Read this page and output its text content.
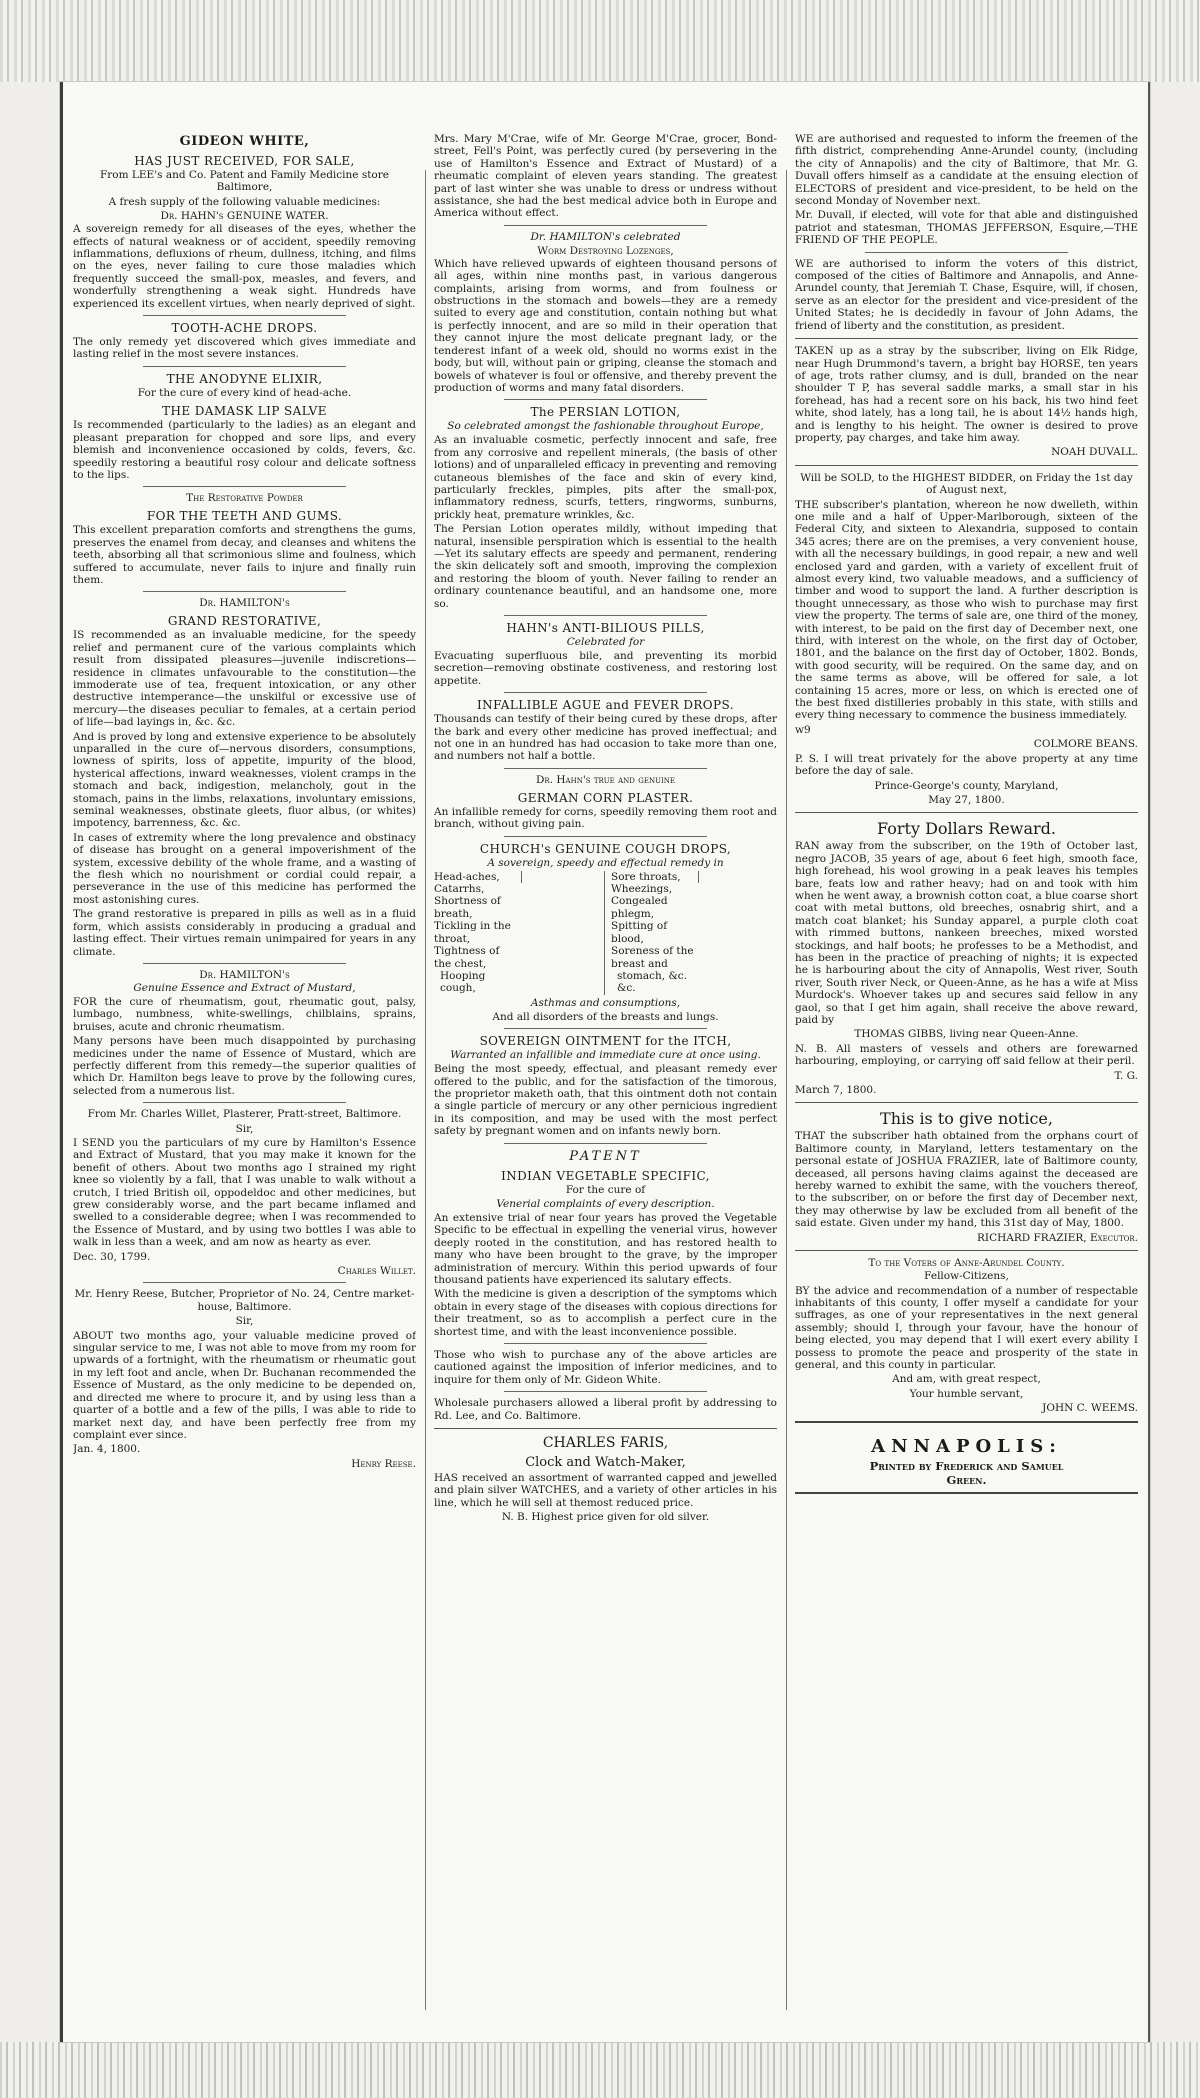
GIDEON WHITE,
HAS JUST RECEIVED, FOR SALE,

From LEE's and Co. Patent and Family Medicine store Baltimore,

A fresh supply of the following valuable medicines:

Dr. HAHN's GENUINE WATER.

A sovereign remedy for all diseases of the eyes, whether the effects of natural weakness or of accident, speedily removing inflammations, defluxions of rheum, dullness, itching, and films on the eyes, never failing to cure those maladies which frequently succeed the small-pox, measles, and fevers, and wonderfully strengthening a weak sight. Hundreds have experienced its excellent virtues, when nearly deprived of sight.

TOOTH-ACHE DROPS.

The only remedy yet discovered which gives immediate and lasting relief in the most severe instances.

THE ANODYNE ELIXIR,

For the cure of every kind of head-ache.

THE DAMASK LIP SALVE

Is recommended (particularly to the ladies) as an elegant and pleasant preparation for chopped and sore lips, and every blemish and inconvenience occasioned by colds, fevers, &c. speedily restoring a beautiful rosy colour and delicate softness to the lips.

The Restorative Powder
FOR THE TEETH AND GUMS.

This excellent preparation comforts and strengthens the gums, preserves the enamel from decay, and cleanses and whitens the teeth, absorbing all that scrimonious slime and foulness, which suffered to accumulate, never fails to injure and finally ruin them.

Dr. HAMILTON's
GRAND RESTORATIVE,

IS recommended as an invaluable medicine, for the speedy relief and permanent cure of the various complaints which result from dissipated pleasures—juvenile indiscretions—residence in climates unfavourable to the constitution—the immoderate use of tea, frequent intoxication, or any other destructive intemperance—the unskilful or excessive use of mercury—the diseases peculiar to females, at a certain period of life—bad layings in, &c. &c.

And is proved by long and extensive experience to be absolutely unparalled in the cure of—nervous disorders, consumptions, lowness of spirits, loss of appetite, impurity of the blood, hysterical affections, inward weaknesses, violent cramps in the stomach and back, indigestion, melancholy, gout in the stomach, pains in the limbs, relaxations, involuntary emissions, seminal weaknesses, obstinate gleets, fluor albus, (or whites) impotency, barrenness, &c. &c.

In cases of extremity where the long prevalence and obstinacy of disease has brought on a general impoverishment of the system, excessive debility of the whole frame, and a wasting of the flesh which no nourishment or cordial could repair, a perseverance in the use of this medicine has performed the most astonishing cures.

The grand restorative is prepared in pills as well as in a fluid form, which assists considerably in producing a gradual and lasting effect. Their virtues remain unimpaired for years in any climate.

Dr. HAMILTON's
Genuine Essence and Extract of Mustard,

FOR the cure of rheumatism, gout, rheumatic gout, palsy, lumbago, numbness, white-swellings, chilblains, sprains, bruises, acute and chronic rheumatism.

Many persons have been much disappointed by purchasing medicines under the name of Essence of Mustard, which are perfectly different from this remedy—the superior qualities of which Dr. Hamilton begs leave to prove by the following cures, selected from a numerous list.

From Mr. Charles Willet, Plasterer, Pratt-street, Baltimore.

Sir,

I SEND you the particulars of my cure by Hamilton's Essence and Extract of Mustard, that you may make it known for the benefit of others. About two months ago I strained my right knee so violently by a fall, that I was unable to walk without a crutch, I tried British oil, oppodeldoc and other medicines, but grew considerably worse, and the part became inflamed and swelled to a considerable degree; when I was recommended to the Essence of Mustard, and by using two bottles I was able to walk in less than a week, and am now as hearty as ever.

Dec. 30, 1799.

Charles Willet.

Mr. Henry Reese, Butcher, Proprietor of No. 24, Centre market-house, Baltimore.

Sir,

ABOUT two months ago, your valuable medicine proved of singular service to me, I was not able to move from my room for upwards of a fortnight, with the rheumatism or rheumatic gout in my left foot and ancle, when Dr. Buchanan recommended the Essence of Mustard, as the only medicine to be depended on, and directed me where to procure it, and by using less than a quarter of a bottle and a few of the pills, I was able to ride to market next day, and have been perfectly free from my complaint ever since.

Jan. 4, 1800.

Henry Reese.

Mrs. Mary M'Crae, wife of Mr. George M'Crae, grocer, Bond-street, Fell's Point, was perfectly cured (by persevering in the use of Hamilton's Essence and Extract of Mustard) of a rheumatic complaint of eleven years standing. The greatest part of last winter she was unable to dress or undress without assistance, she had the best medical advice both in Europe and America without effect.

Dr. HAMILTON's celebrated
Worm Destroying Lozenges,

Which have relieved upwards of eighteen thousand persons of all ages, within nine months past, in various dangerous complaints, arising from worms, and from foulness or obstructions in the stomach and bowels—they are a remedy suited to every age and constitution, contain nothing but what is perfectly innocent, and are so mild in their operation that they cannot injure the most delicate pregnant lady, or the tenderest infant of a week old, should no worms exist in the body, but will, without pain or griping, cleanse the stomach and bowels of whatever is foul or offensive, and thereby prevent the production of worms and many fatal disorders.

The PERSIAN LOTION,
So celebrated amongst the fashionable throughout Europe,

As an invaluable cosmetic, perfectly innocent and safe, free from any corrosive and repellent minerals, (the basis of other lotions) and of unparalleled efficacy in preventing and removing cutaneous blemishes of the face and skin of every kind, particularly freckles, pimples, pits after the small-pox, inflammatory redness, scurfs, tetters, ringworms, sunburns, prickly heat, premature wrinkles, &c.

The Persian Lotion operates mildly, without impeding that natural, insensible perspiration which is essential to the health—Yet its salutary effects are speedy and permanent, rendering the skin delicately soft and smooth, improving the complexion and restoring the bloom of youth. Never failing to render an ordinary countenance beautiful, and an handsome one, more so.

HAHN's ANTI-BILIOUS PILLS,
Celebrated for

Evacuating superfluous bile, and preventing its morbid secretion—removing obstinate costiveness, and restoring lost appetite.

INFALLIBLE AGUE and FEVER DROPS.

Thousands can testify of their being cured by these drops, after the bark and every other medicine has proved ineffectual; and not one in an hundred has had occasion to take more than one, and numbers not half a bottle.

Dr. Hahn's true and genuine
GERMAN CORN PLASTER.

An infallible remedy for corns, speedily removing them root and branch, without giving pain.

CHURCH's GENUINE COUGH DROPS,
A sovereign, speedy and effectual remedy in
Head-aches,
Catarrhs,
Shortness of breath,
Tickling in the throat,
Tightness of the chest,
Hooping cough,
Sore throats,
Wheezings,
Congealed phlegm,
Spitting of blood,
Soreness of the breast and
stomach, &c. &c.
Asthmas and consumptions,

And all disorders of the breasts and lungs.

SOVEREIGN OINTMENT for the ITCH,
Warranted an infallible and immediate cure at once using.

Being the most speedy, effectual, and pleasant remedy ever offered to the public, and for the satisfaction of the timorous, the proprietor maketh oath, that this ointment doth not contain a single particle of mercury or any other pernicious ingredient in its composition, and may be used with the most perfect safety by pregnant women and on infants newly born.

PATENT
INDIAN VEGETABLE SPECIFIC,

For the cure of

Venerial complaints of every description.

An extensive trial of near four years has proved the Vegetable Specific to be effectual in expelling the venerial virus, however deeply rooted in the constitution, and has restored health to many who have been brought to the grave, by the improper administration of mercury. Within this period upwards of four thousand patients have experienced its salutary effects.

With the medicine is given a description of the symptoms which obtain in every stage of the diseases with copious directions for their treatment, so as to accomplish a perfect cure in the shortest time, and with the least inconvenience possible.

Those who wish to purchase any of the above articles are cautioned against the imposition of inferior medicines, and to inquire for them only of Mr. Gideon White.

Wholesale purchasers allowed a liberal profit by addressing to Rd. Lee, and Co. Baltimore.

CHARLES FARIS,
Clock and Watch-Maker,

HAS received an assortment of warranted capped and jewelled and plain silver WATCHES, and a variety of other articles in his line, which he will sell at themost reduced price.

N. B. Highest price given for old silver.

WE are authorised and requested to inform the freemen of the fifth district, comprehending Anne-Arundel county, (including the city of Annapolis) and the city of Baltimore, that Mr. G. Duvall offers himself as a candidate at the ensuing election of ELECTORS of president and vice-president, to be held on the second Monday of November next.

Mr. Duvall, if elected, will vote for that able and distinguished patriot and statesman, THOMAS JEFFERSON, Esquire,—THE FRIEND OF THE PEOPLE.

WE are authorised to inform the voters of this district, composed of the cities of Baltimore and Annapolis, and Anne-Arundel county, that Jeremiah T. Chase, Esquire, will, if chosen, serve as an elector for the president and vice-president of the United States; he is decidedly in favour of John Adams, the friend of liberty and the constitution, as president.

TAKEN up as a stray by the subscriber, living on Elk Ridge, near Hugh Drummond's tavern, a bright bay HORSE, ten years of age, trots rather clumsy, and is dull, branded on the near shoulder T P, has several saddle marks, a small star in his forehead, has had a recent sore on his back, his two hind feet white, shod lately, has a long tail, he is about 14½ hands high, and is lengthy to his height. The owner is desired to prove property, pay charges, and take him away.

NOAH DUVALL.

Will be SOLD, to the HIGHEST BIDDER, on Friday the 1st day of August next,

THE subscriber's plantation, whereon he now dwelleth, within one mile and a half of Upper-Marlborough, sixteen of the Federal City, and sixteen to Alexandria, supposed to contain 345 acres; there are on the premises, a very convenient house, with all the necessary buildings, in good repair, a new and well enclosed yard and garden, with a variety of excellent fruit of almost every kind, two valuable meadows, and a sufficiency of timber and wood to support the land. A further description is thought unnecessary, as those who wish to purchase may first view the property. The terms of sale are, one third of the money, with interest, to be paid on the first day of December next, one third, with interest on the whole, on the first day of October, 1801, and the balance on the first day of October, 1802. Bonds, with good security, will be required. On the same day, and on the same terms as above, will be offered for sale, a lot containing 15 acres, more or less, on which is erected one of the best fixed distilleries probably in this state, with stills and every thing necessary to commence the business immediately.

w9

COLMORE BEANS.

P. S. I will treat privately for the above property at any time before the day of sale.

Prince-George's county, Maryland,

May 27, 1800.

Forty Dollars Reward.

RAN away from the subscriber, on the 19th of October last, negro JACOB, 35 years of age, about 6 feet high, smooth face, high forehead, his wool growing in a peak leaves his temples bare, feats low and rather heavy; had on and took with him when he went away, a brownish cotton coat, a blue coarse short coat with metal buttons, old breeches, osnabrig shirt, and a match coat blanket; his Sunday apparel, a purple cloth coat with rimmed buttons, nankeen breeches, mixed worsted stockings, and half boots; he professes to be a Methodist, and has been in the practice of preaching of nights; it is expected he is harbouring about the city of Annapolis, West river, South river, South river Neck, or Queen-Anne, as he has a wife at Miss Murdock's. Whoever takes up and secures said fellow in any gaol, so that I get him again, shall receive the above reward, paid by

THOMAS GIBBS, living near Queen-Anne.

N. B. All masters of vessels and others are forewarned harbouring, employing, or carrying off said fellow at their peril.

T. G.

March 7, 1800.

This is to give notice,

THAT the subscriber hath obtained from the orphans court of Baltimore county, in Maryland, letters testamentary on the personal estate of JOSHUA FRAZIER, late of Baltimore county, deceased, all persons having claims against the deceased are hereby warned to exhibit the same, with the vouchers thereof, to the subscriber, on or before the first day of December next, they may otherwise by law be excluded from all benefit of the said estate. Given under my hand, this 31st day of May, 1800.

RICHARD FRAZIER, Executor.

To the Voters of Anne-Arundel County.

Fellow-Citizens,

BY the advice and recommendation of a number of respectable inhabitants of this county, I offer myself a candidate for your suffrages, as one of your representatives in the next general assembly; should I, through your favour, have the honour of being elected, you may depend that I will exert every ability I possess to promote the peace and prosperity of the state in general, and this county in particular.

And am, with great respect,

Your humble servant,

JOHN C. WEEMS.

ANNAPOLIS:
Printed by Frederick and Samuel
Green.
